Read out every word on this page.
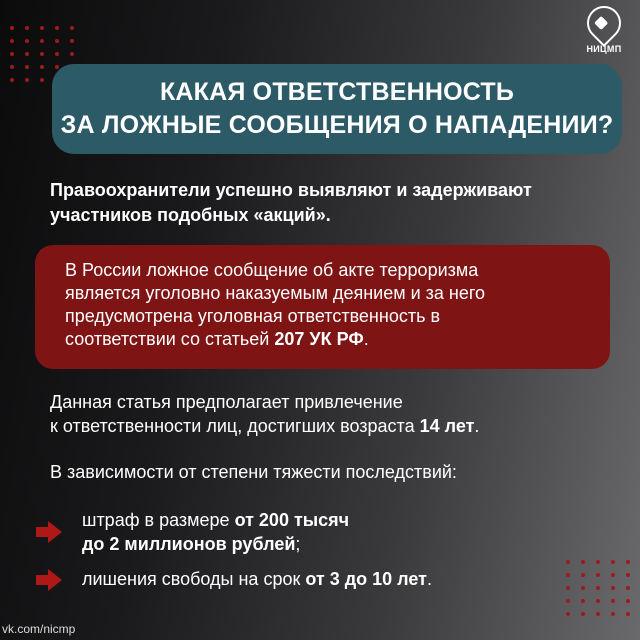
НИЦМП
КАКАЯ ОТВЕТСТВЕННОСТЬ
ЗА ЛОЖНЫЕ СООБЩЕНИЯ О НАПАДЕНИИ?
Правоохранители успешно выявляют и задерживают
участников подобных «акций».
В России ложное сообщение об акте терроризма
является уголовно наказуемым деянием и за него
предусмотрена уголовная ответственность в
соответствии со статьей 207 УК РФ.
Данная статья предполагает привлечение
к ответственности лиц, достигших возраста 14 лет.
В зависимости от степени тяжести последствий:
штраф в размере от 200 тысяч
до 2 миллионов рублей;
лишения свободы на срок от 3 до 10 лет.
vk.com/nicmp
